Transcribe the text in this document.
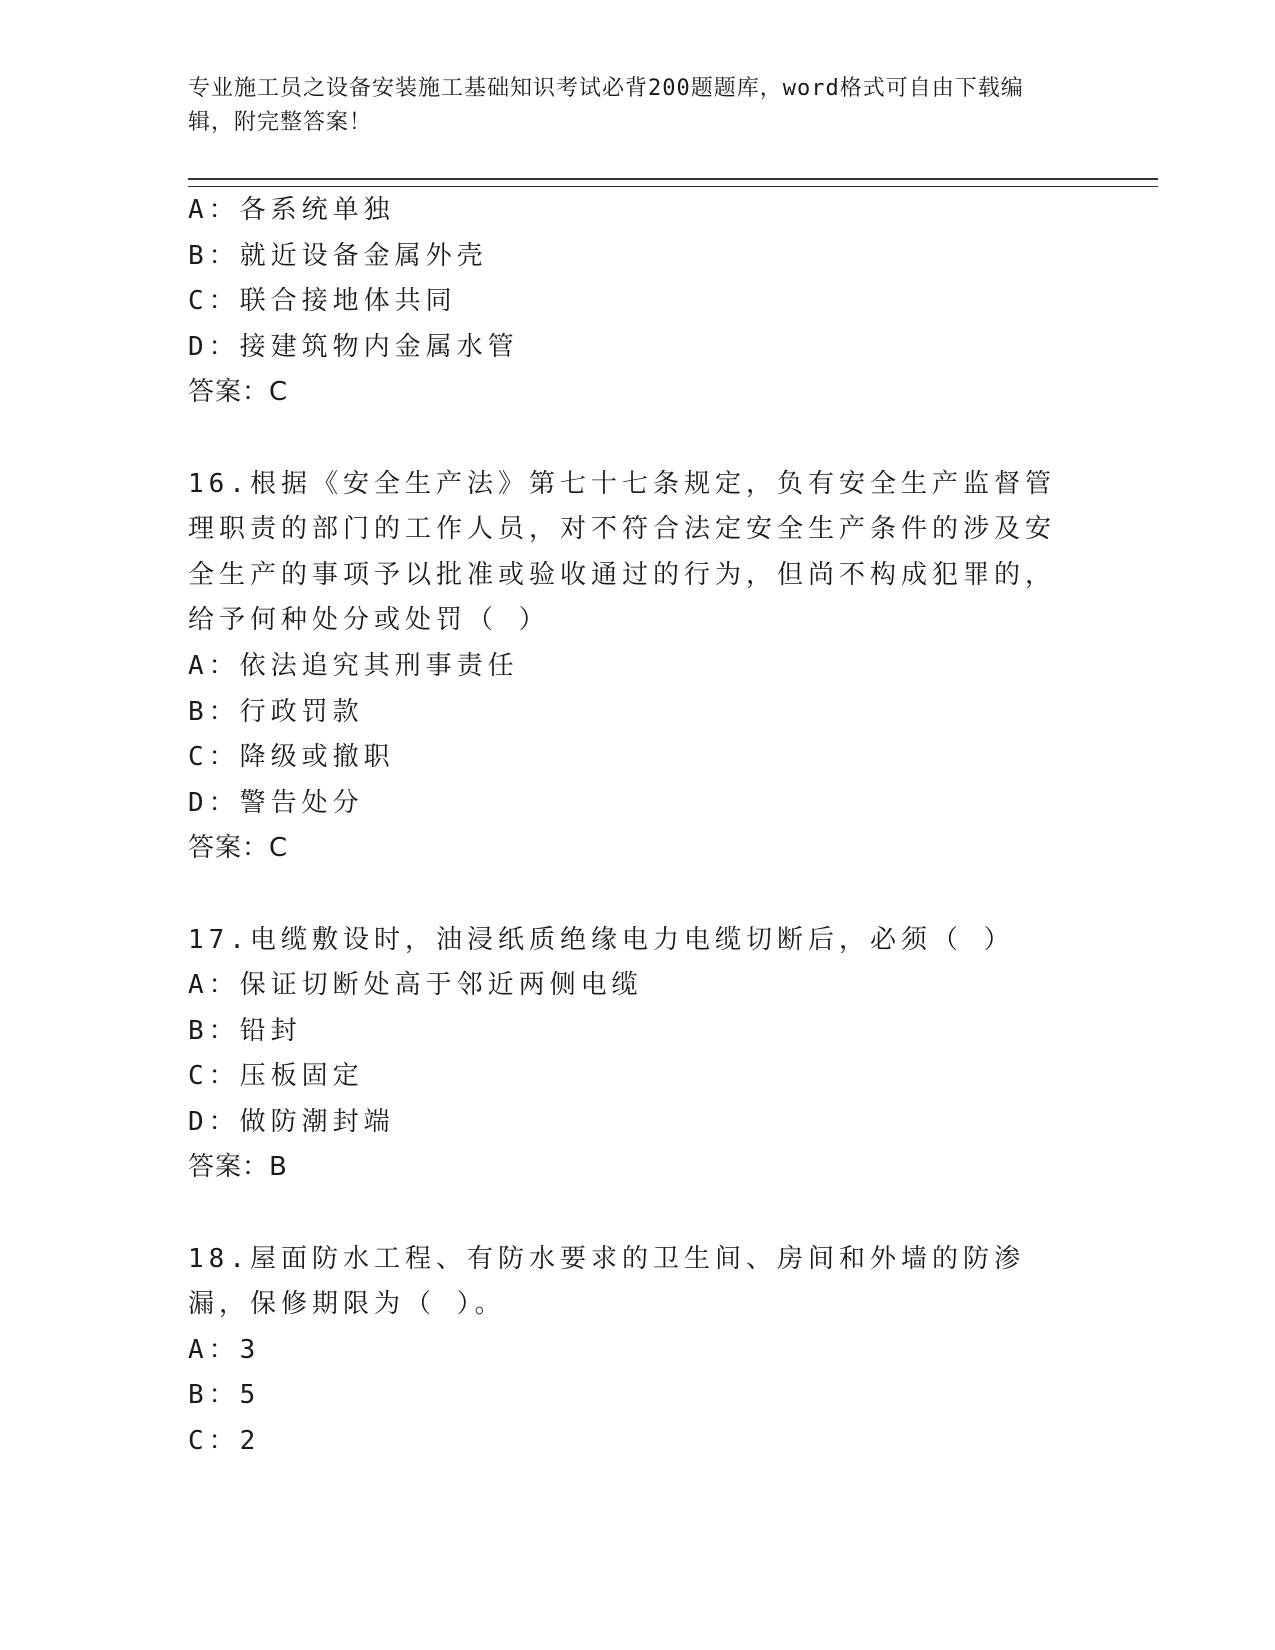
专业施工员之设备安装施工基础知识考试必背200题题库，word格式可自由下载编辑，附完整答案！
A：各系统单独
B：就近设备金属外壳
C：联合接地体共同
D：接建筑物内金属水管
答案：C
16.根据《安全生产法》第七十七条规定，负有安全生产监督管理职责的部门的工作人员，对不符合法定安全生产条件的涉及安全生产的事项予以批准或验收通过的行为，但尚不构成犯罪的，给予何种处分或处罚（ ）
A：依法追究其刑事责任
B：行政罚款
C：降级或撤职
D：警告处分
答案：C
17.电缆敷设时，油浸纸质绝缘电力电缆切断后，必须（ ）
A：保证切断处高于邻近两侧电缆
B：铅封
C：压板固定
D：做防潮封端
答案：B
18.屋面防水工程、有防水要求的卫生间、房间和外墙的防渗漏，保修期限为（ ）。
A：3
B：5
C：2
